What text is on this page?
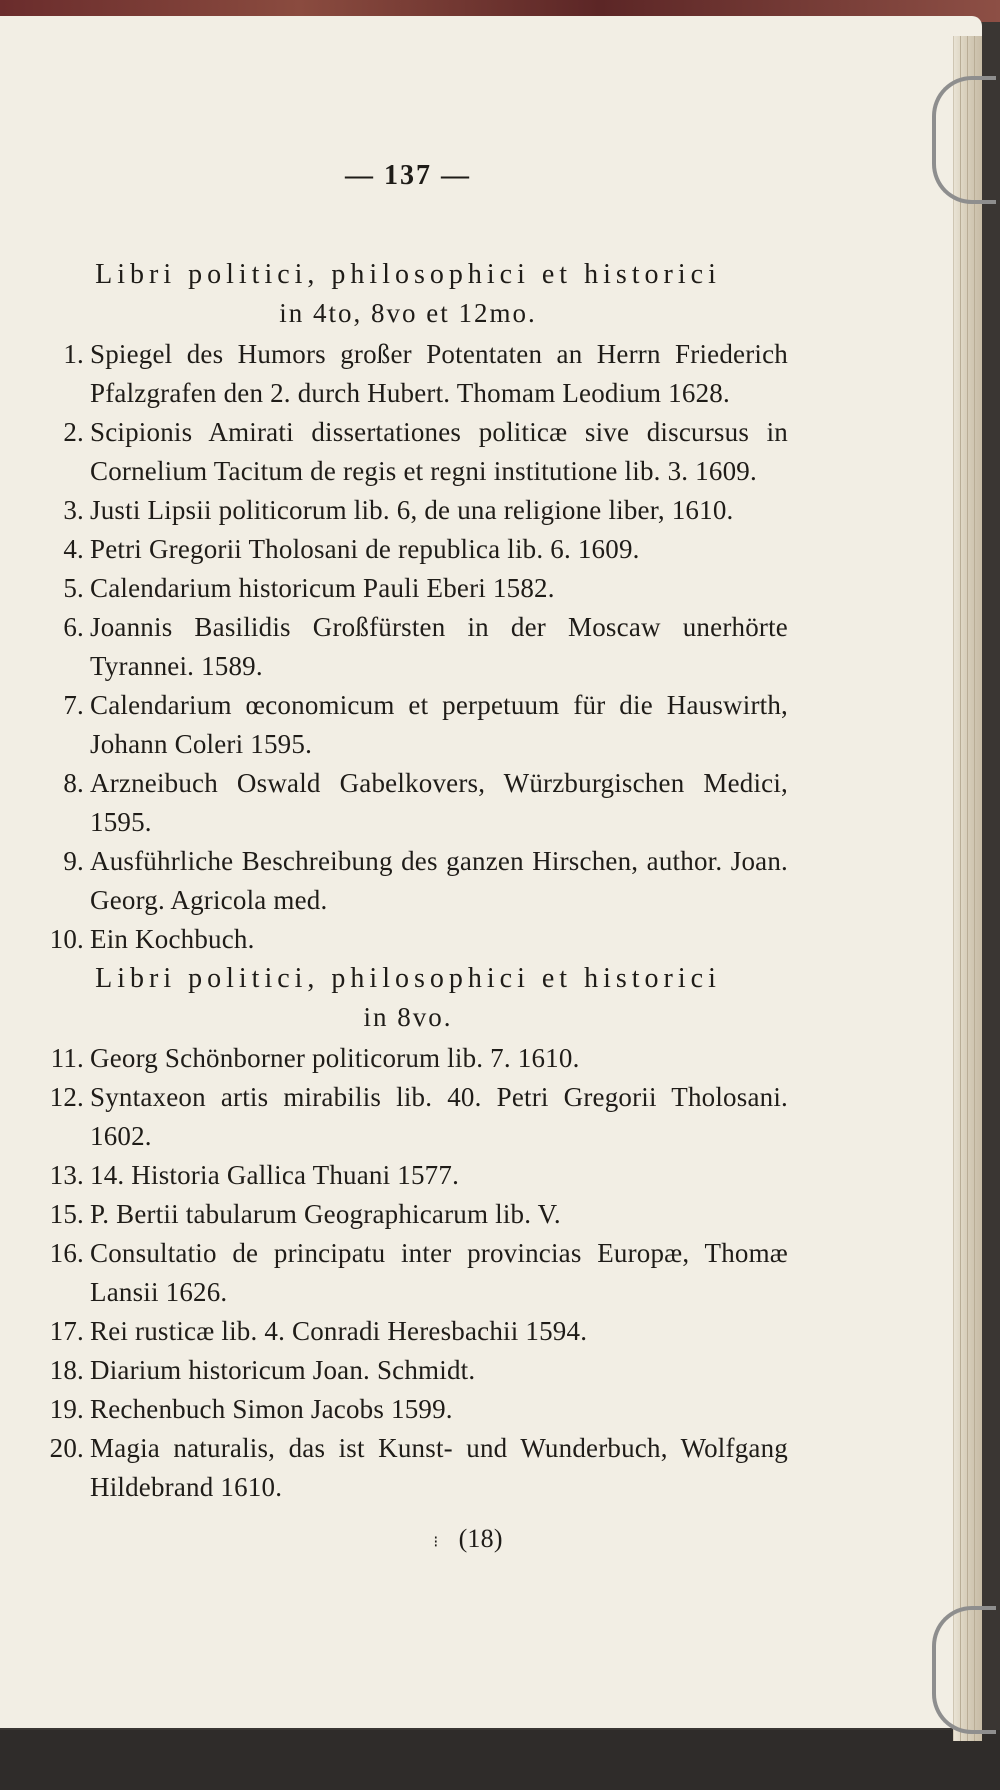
— 137 —
Libri politici, philosophici et historici
in 4to, 8vo et 12mo.
1. Spiegel des Humors großer Potentaten an Herrn Friederich Pfalzgrafen den 2. durch Hubert. Thomam Leodium 1628.
2. Scipionis Amirati dissertationes politicæ sive discursus in Cornelium Tacitum de regis et regni institutione lib. 3. 1609.
3. Justi Lipsii politicorum lib. 6, de una religione liber, 1610.
4. Petri Gregorii Tholosani de republica lib. 6. 1609.
5. Calendarium historicum Pauli Eberi 1582.
6. Joannis Basilidis Großfürsten in der Moscaw unerhörte Tyrannei. 1589.
7. Calendarium œconomicum et perpetuum für die Hauswirth, Johann Coleri 1595.
8. Arzneibuch Oswald Gabelkovers, Würzburgischen Medici, 1595.
9. Ausführliche Beschreibung des ganzen Hirschen, author. Joan. Georg. Agricola med.
10. Ein Kochbuch.
Libri politici, philosophici et historici
in 8vo.
11. Georg Schönborner politicorum lib. 7. 1610.
12. Syntaxeon artis mirabilis lib. 40. Petri Gregorii Tholosani. 1602.
13. 14. Historia Gallica Thuani 1577.
15. P. Bertii tabularum Geographicarum lib. V.
16. Consultatio de principatu inter provincias Europæ, Thomæ Lansii 1626.
17. Rei rusticæ lib. 4. Conradi Heresbachii 1594.
18. Diarium historicum Joan. Schmidt.
19. Rechenbuch Simon Jacobs 1599.
20. Magia naturalis, das ist Kunst- und Wunderbuch, Wolfgang Hildebrand 1610.
⁝ (18)
